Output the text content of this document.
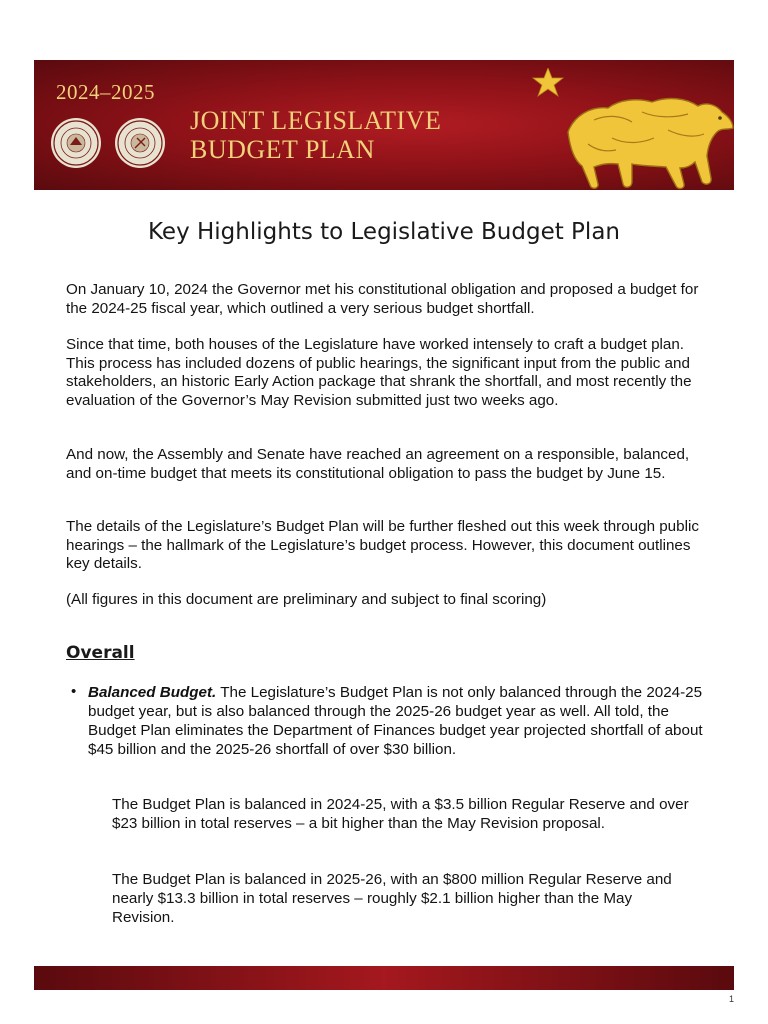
2024–2025
JOINT LEGISLATIVE
BUDGET PLAN
Key Highlights to Legislative Budget Plan
On January 10, 2024 the Governor met his constitutional obligation and proposed a budget for the 2024-25 fiscal year, which outlined a very serious budget shortfall.
Since that time, both houses of the Legislature have worked intensely to craft a budget plan. This process has included dozens of public hearings, the significant input from the public and stakeholders, an historic Early Action package that shrank the shortfall, and most recently the evaluation of the Governor’s May Revision submitted just two weeks ago.
And now, the Assembly and Senate have reached an agreement on a responsible, balanced, and on-time budget that meets its constitutional obligation to pass the budget by June 15.
The details of the Legislature’s Budget Plan will be further fleshed out this week through public hearings – the hallmark of the Legislature’s budget process. However, this document outlines key details.
(All figures in this document are preliminary and subject to final scoring)
Overall
• Balanced Budget. The Legislature’s Budget Plan is not only balanced through the 2024-25 budget year, but is also balanced through the 2025-26 budget year as well. All told, the Budget Plan eliminates the Department of Finances budget year projected shortfall of about $45 billion and the 2025-26 shortfall of over $30 billion.
The Budget Plan is balanced in 2024-25, with a $3.5 billion Regular Reserve and over $23 billion in total reserves – a bit higher than the May Revision proposal.
The Budget Plan is balanced in 2025-26, with an $800 million Regular Reserve and nearly $13.3 billion in total reserves – roughly $2.1 billion higher than the May Revision.
1
